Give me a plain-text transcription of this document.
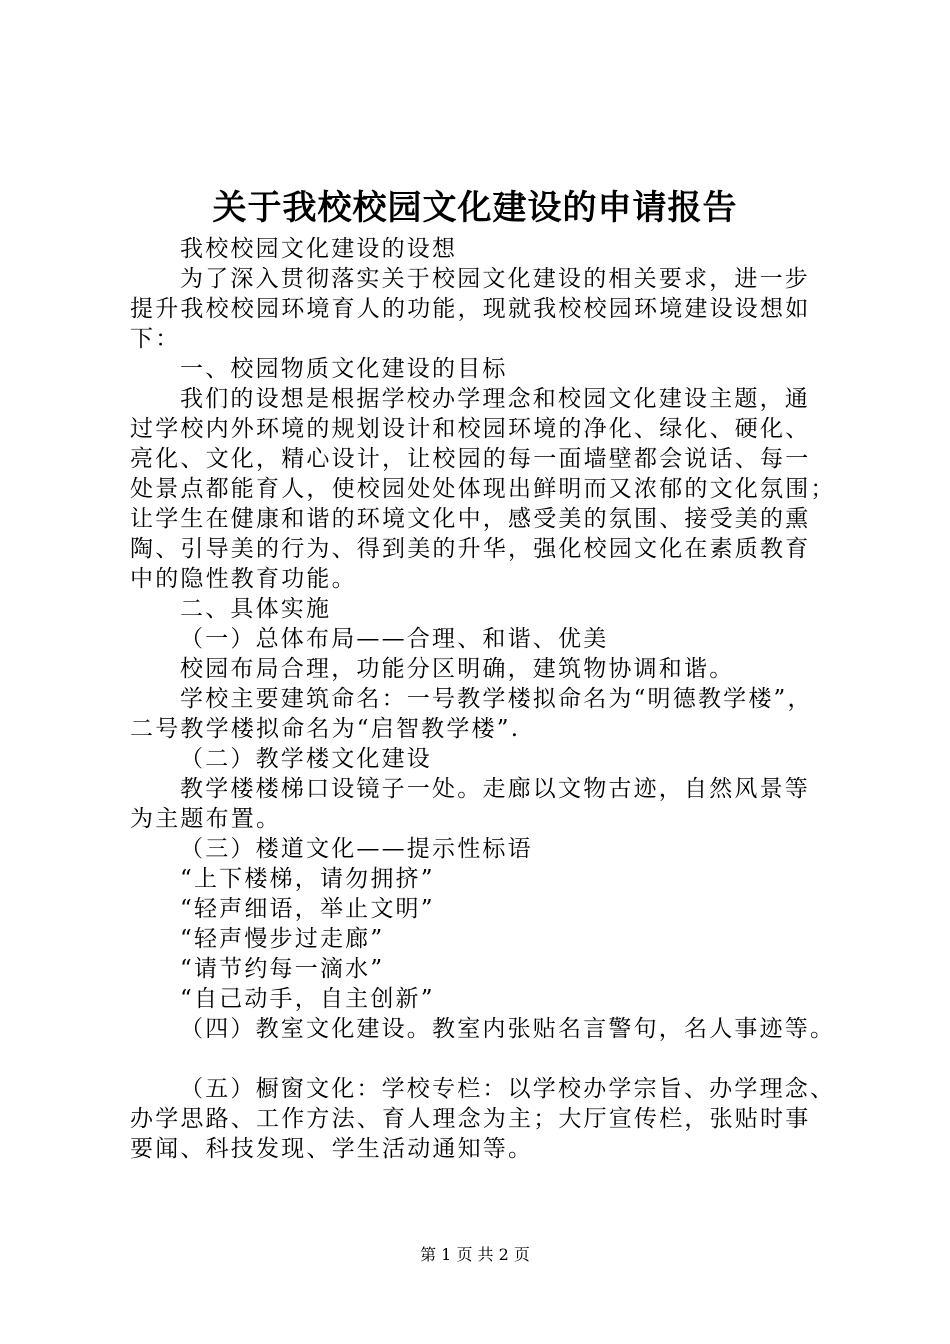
关于我校校园文化建设的申请报告

我校校园文化建设的设想

为了深入贯彻落实关于校园文化建设的相关要求，进一步

提升我校校园环境育人的功能，现就我校校园环境建设设想如

下：

一、校园物质文化建设的目标

我们的设想是根据学校办学理念和校园文化建设主题，通

过学校内外环境的规划设计和校园环境的净化、绿化、硬化、

亮化、文化，精心设计，让校园的每一面墙壁都会说话、每一

处景点都能育人，使校园处处体现出鲜明而又浓郁的文化氛围；

让学生在健康和谐的环境文化中，感受美的氛围、接受美的熏

陶、引导美的行为、得到美的升华，强化校园文化在素质教育

中的隐性教育功能。

二、具体实施

（一）总体布局——合理、和谐、优美

校园布局合理，功能分区明确，建筑物协调和谐。

学校主要建筑命名：一号教学楼拟命名为“明德教学楼”，

二号教学楼拟命名为“启智教学楼”.

（二）教学楼文化建设

教学楼楼梯口设镜子一处。走廊以文物古迹，自然风景等

为主题布置。

（三）楼道文化——提示性标语

“上下楼梯，请勿拥挤”

“轻声细语，举止文明”

“轻声慢步过走廊”

“请节约每一滴水”

“自己动手，自主创新”

（四）教室文化建设。教室内张贴名言警句，名人事迹等。

（五）橱窗文化：学校专栏：以学校办学宗旨、办学理念、

办学思路、工作方法、育人理念为主；大厅宣传栏，张贴时事

要闻、科技发现、学生活动通知等。

第 1 页 共 2 页
